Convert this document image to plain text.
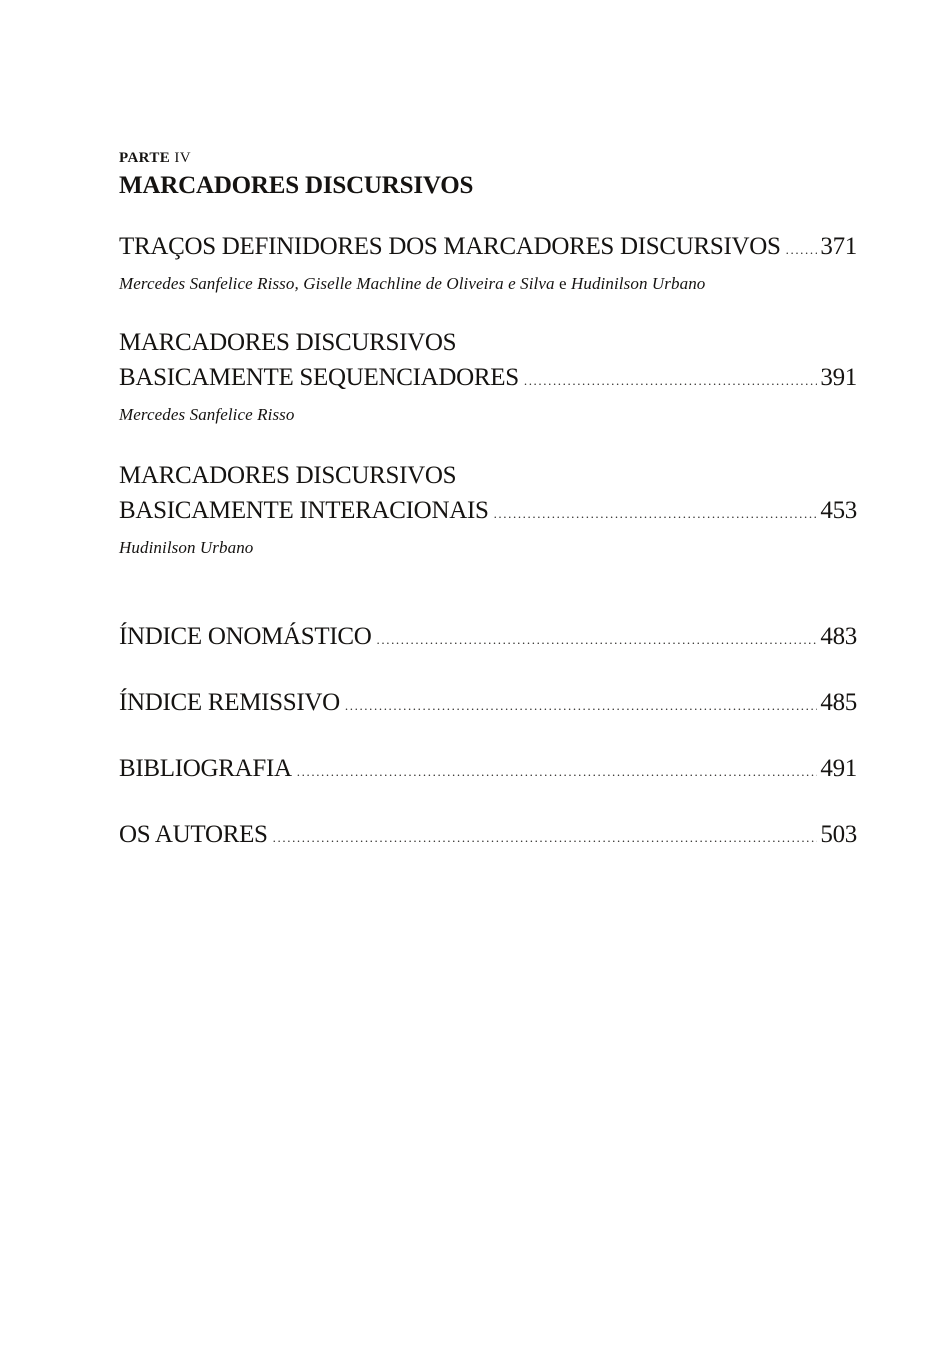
PARTE IV
MARCADORES DISCURSIVOS
TRAÇOS DEFINIDORES DOS MARCADORES DISCURSIVOS ..... 371
Mercedes Sanfelice Risso, Giselle Machline de Oliveira e Silva e Hudinilson Urbano
MARCADORES DISCURSIVOS
BASICAMENTE SEQUENCIADORES .....	391
Mercedes Sanfelice Risso
MARCADORES DISCURSIVOS
BASICAMENTE INTERACIONAIS .....	453
Hudinilson Urbano
ÍNDICE ONOMÁSTICO .....	483
ÍNDICE REMISSIVO .....	485
BIBLIOGRAFIA .....	491
OS AUTORES .....	503
